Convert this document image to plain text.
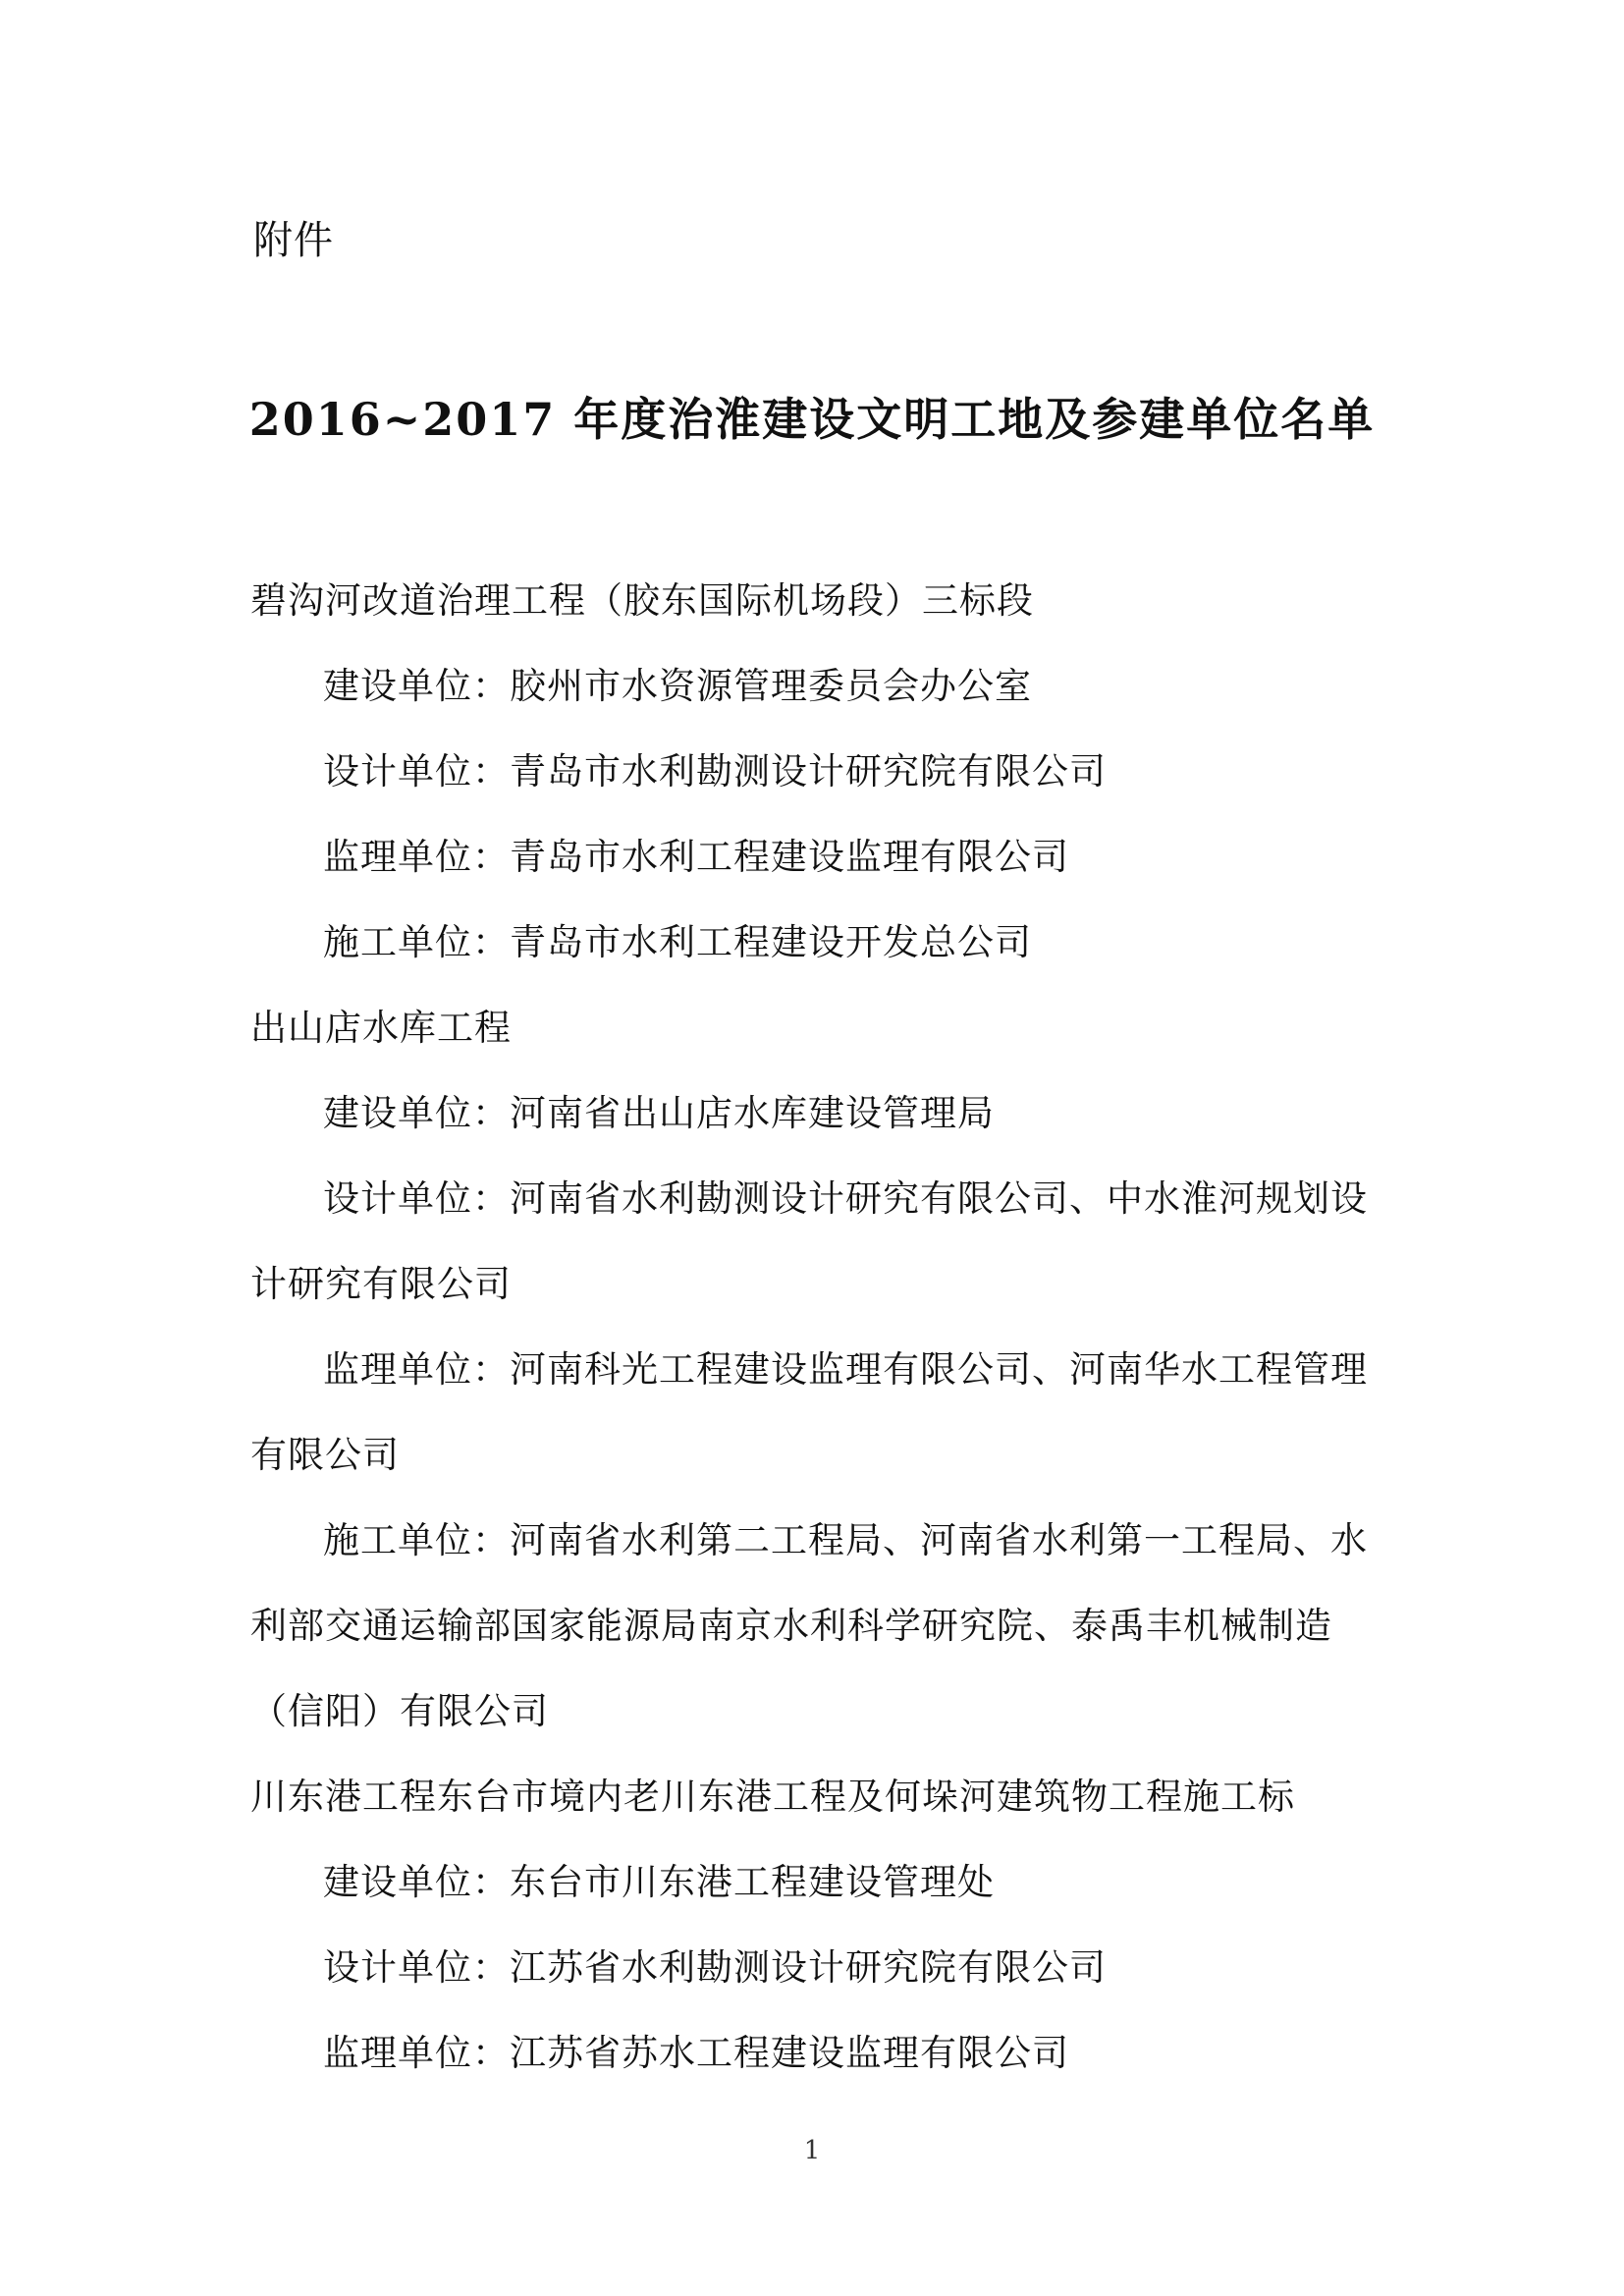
附件
2016~2017 年度治淮建设文明工地及参建单位名单
碧沟河改道治理工程（胶东国际机场段）三标段
建设单位：胶州市水资源管理委员会办公室
设计单位：青岛市水利勘测设计研究院有限公司
监理单位：青岛市水利工程建设监理有限公司
施工单位：青岛市水利工程建设开发总公司
出山店水库工程
建设单位：河南省出山店水库建设管理局
设计单位：河南省水利勘测设计研究有限公司、中水淮河规划设计研究有限公司
监理单位：河南科光工程建设监理有限公司、河南华水工程管理有限公司
施工单位：河南省水利第二工程局、河南省水利第一工程局、水利部交通运输部国家能源局南京水利科学研究院、泰禹丰机械制造（信阳）有限公司
川东港工程东台市境内老川东港工程及何垛河建筑物工程施工标
建设单位：东台市川东港工程建设管理处
设计单位：江苏省水利勘测设计研究院有限公司
监理单位：江苏省苏水工程建设监理有限公司
1
